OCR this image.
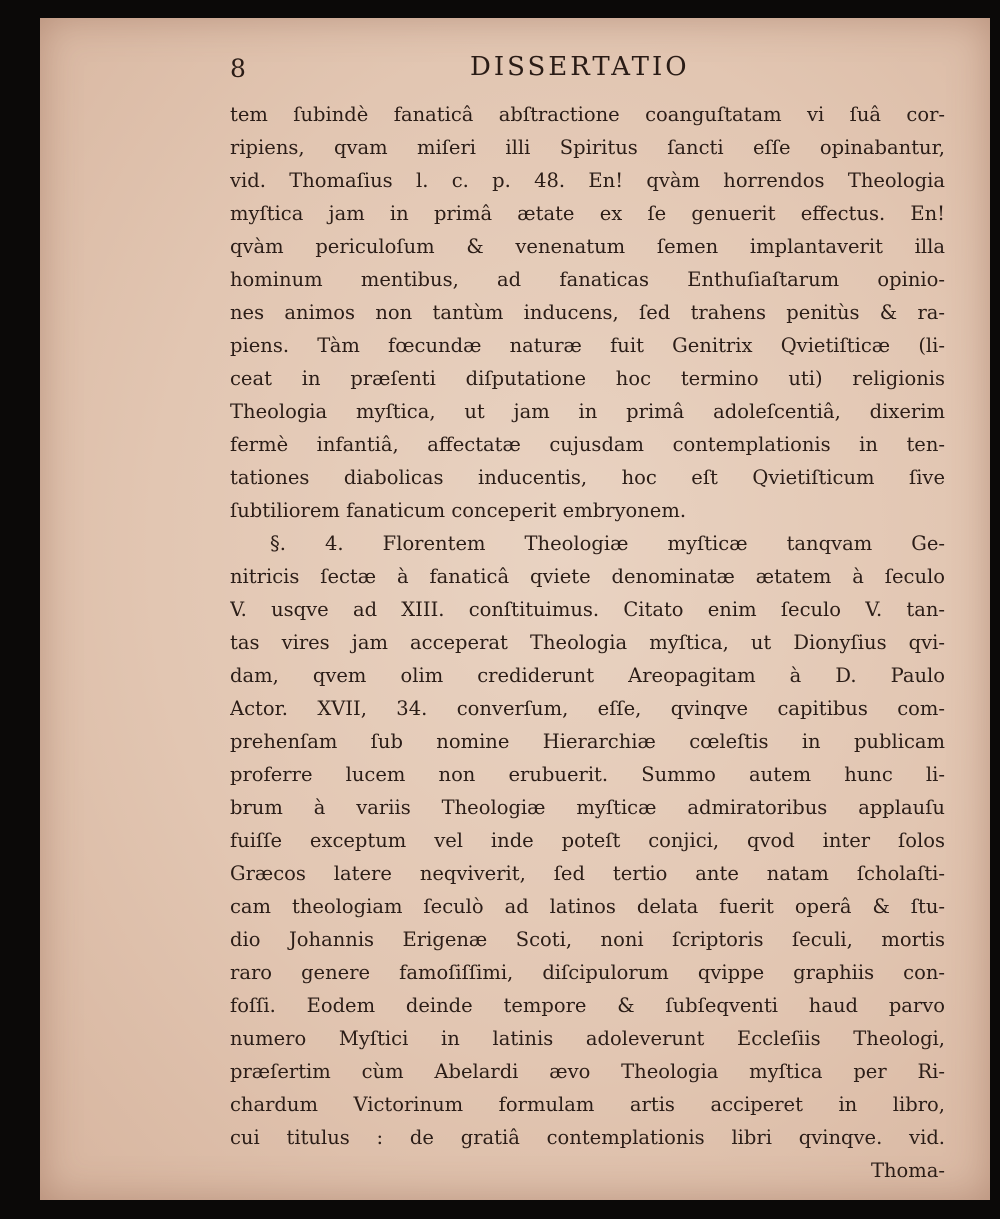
8	DISSERTATIO
tem ſubindè fanaticâ abſtractione coanguſtatam vi ſuâ cor-
ripiens, qvam miſeri illi Spiritus ſancti eſſe opinabantur,
vid. Thomaſius l. c. p. 48. En! qvàm horrendos Theologia
myſtica jam in primâ ætate ex ſe genuerit effectus. En!
qvàm periculoſum & venenatum ſemen implantaverit illa
hominum mentibus, ad fanaticas Enthuſiaſtarum opinio-
nes animos non tantùm inducens, ſed trahens penitùs & ra-
piens. Tàm fœcundæ naturæ fuit Genitrix Qvietiſticæ (li-
ceat in præſenti diſputatione hoc termino uti) religionis
Theologia myſtica, ut jam in primâ adoleſcentiâ, dixerim
fermè infantiâ, affectatæ cujusdam contemplationis in ten-
tationes diabolicas inducentis, hoc eſt Qvietiſticum ſive
ſubtiliorem fanaticum conceperit embryonem.
§. 4. Florentem Theologiæ myſticæ tanqvam Ge-
nitricis ſectæ à fanaticâ qviete denominatæ ætatem à ſeculo
V. usqve ad XIII. conſtituimus. Citato enim ſeculo V. tan-
tas vires jam acceperat Theologia myſtica, ut Dionyſius qvi-
dam, qvem olim crediderunt Areopagitam à D. Paulo
Actor. XVII, 34. converſum, eſſe, qvinqve capitibus com-
prehenſam ſub nomine Hierarchiæ cœleſtis in publicam
proferre lucem non erubuerit. Summo autem hunc li-
brum à variis Theologiæ myſticæ admiratoribus applauſu
fuiſſe exceptum vel inde poteſt conjici, qvod inter ſolos
Græcos latere neqviverit, ſed tertio ante natam ſcholaſti-
cam theologiam ſeculò ad latinos delata fuerit operâ & ſtu-
dio Johannis Erigenæ Scoti, noni ſcriptoris ſeculi, mortis
raro genere famoſiſſimi, diſcipulorum qvippe graphiis con-
foſſi. Eodem deinde tempore & ſubſeqventi haud parvo
numero Myſtici in latinis adoleverunt Eccleſiis Theologi,
præſertim cùm Abelardi ævo Theologia myſtica per Ri-
chardum Victorinum formulam artis acciperet in libro,
cui titulus : de gratiâ contemplationis libri qvinqve. vid.
Thoma-
